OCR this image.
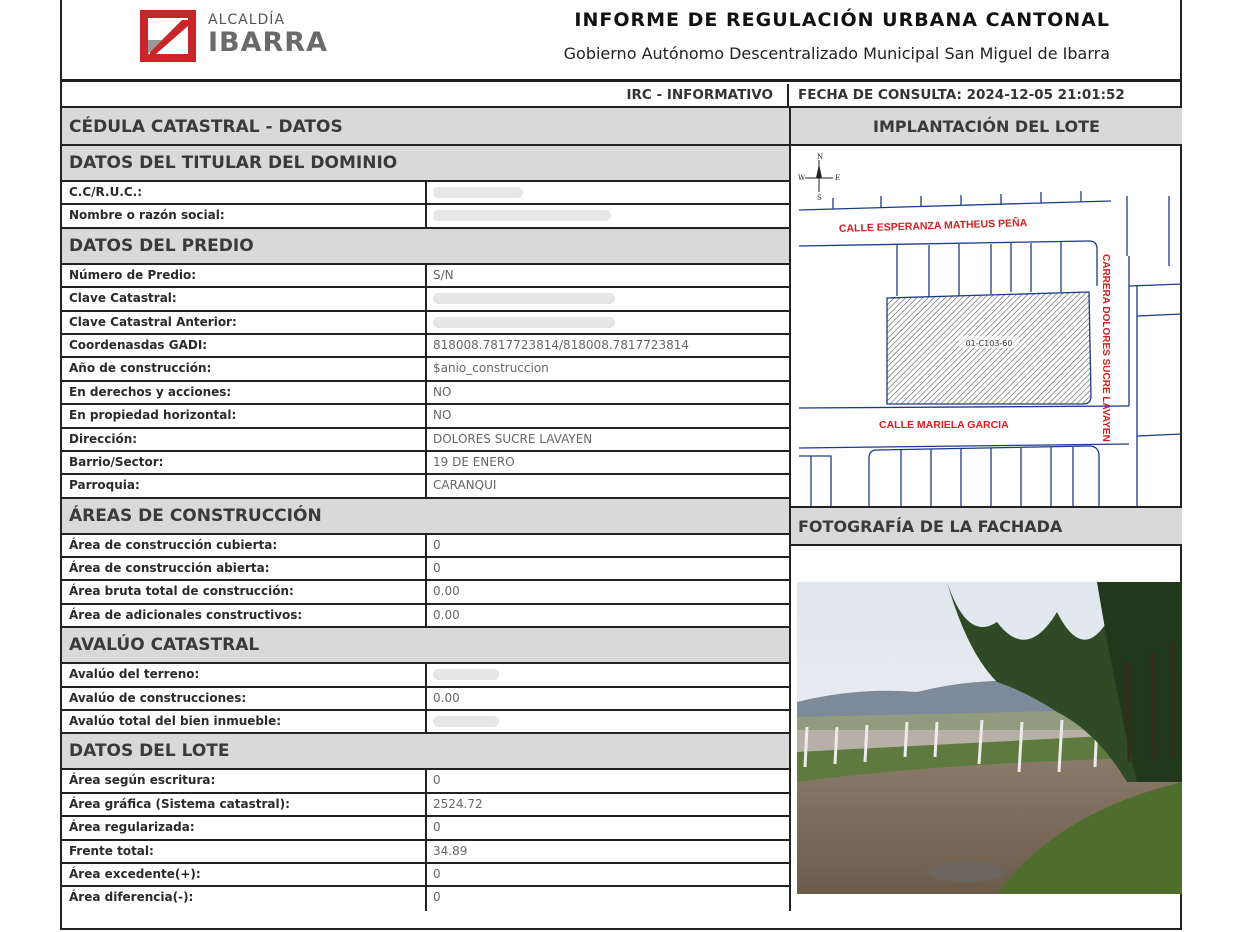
ALCALDÍA
IBARRA
INFORME DE REGULACIÓN URBANA CANTONAL
Gobierno Autónomo Descentralizado Municipal San Miguel de Ibarra
IRC - INFORMATIVO	FECHA DE CONSULTA: 2024-12-05 21:01:52
CÉDULA CATASTRAL - DATOS
DATOS DEL TITULAR DEL DOMINIO
C.C/R.U.C.:
Nombre o razón social:
DATOS DEL PREDIO
Número de Predio:	S/N
Clave Catastral:
Clave Catastral Anterior:
Coordenasdas GADI:	818008.7817723814/818008.7817723814
Año de construcción:	$anio_construccion
En derechos y acciones:	NO
En propiedad horizontal:	NO
Dirección:	DOLORES SUCRE LAVAYEN
Barrio/Sector:	19 DE ENERO
Parroquia:	CARANQUI
ÁREAS DE CONSTRUCCIÓN
Área de construcción cubierta:	0
Área de construcción abierta:	0
Área bruta total de construcción:	0.00
Área de adicionales constructivos:	0.00
AVALÚO CATASTRAL
Avalúo del terreno:
Avalúo de construcciones:	0.00
Avalúo total del bien inmueble:
DATOS DEL LOTE
Área según escritura:	0
Área gráfica (Sistema catastral):	2524.72
Área regularizada:	0
Frente total:	34.89
Área excedente(+):	0
Área diferencia(-):	0
IMPLANTACIÓN DEL LOTE
N
S
E
W
01-C103-60
CALLE ESPERANZA MATHEUS PEÑA
CALLE MARIELA GARCIA	CARRERA DOLORES SUCRE LAVAYEN
FOTOGRAFÍA DE LA FACHADA
